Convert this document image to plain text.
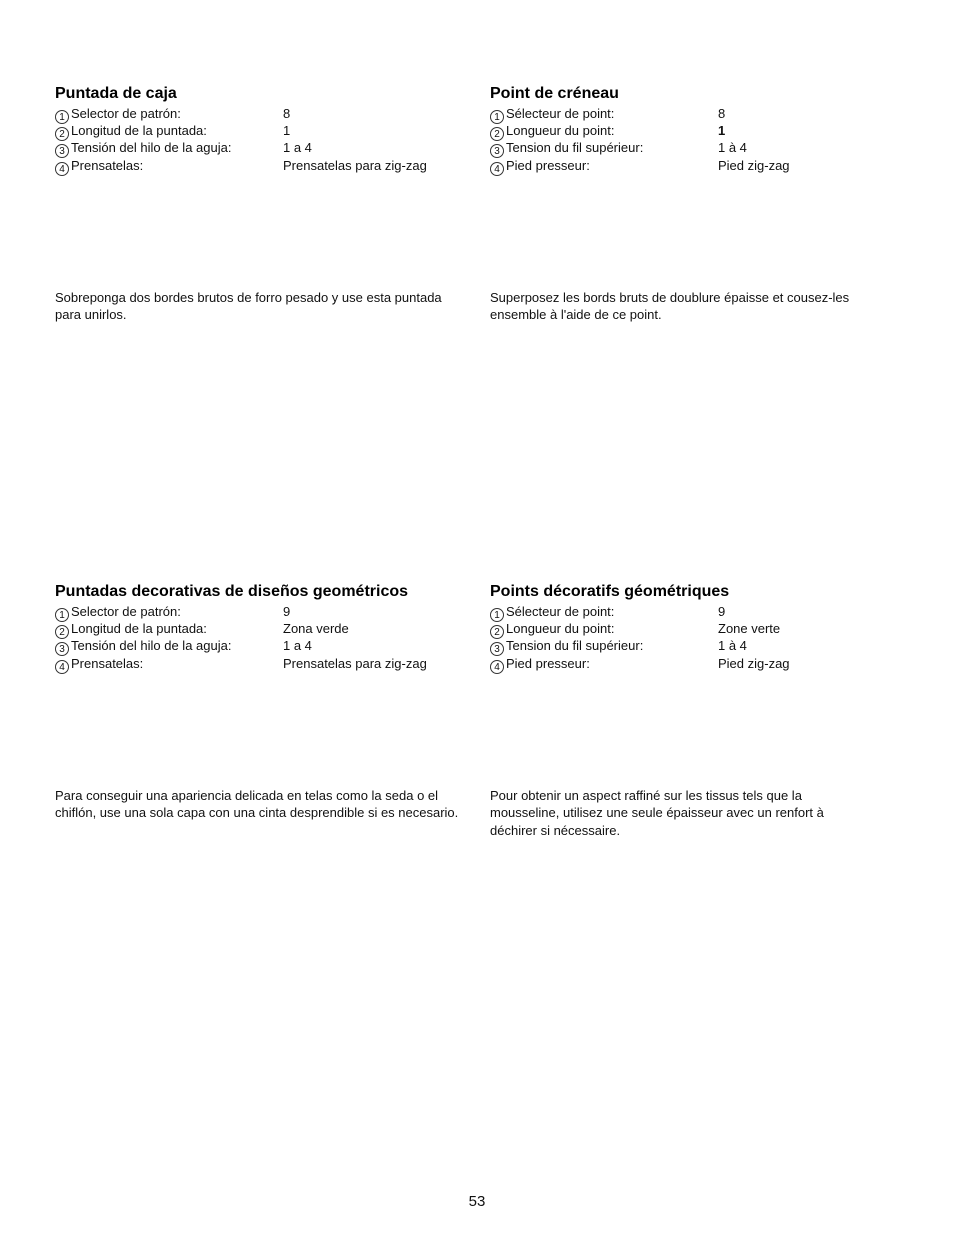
Puntada de caja
1 Selector de patrón:	8
2 Longitud de la puntada:	1
3 Tensión del hilo de la aguja:	1 a 4
4 Prensatelas:	Prensatelas para zig-zag
Point de créneau
1 Sélecteur de point:	8
2 Longueur du point:	1
3 Tension du fil supérieur:	1 à 4
4 Pied presseur:	Pied zig-zag
Sobreponga dos bordes brutos de forro pesado y use esta puntada para unirlos.
Superposez les bords bruts de doublure épaisse et cousez-les ensemble à l'aide de ce point.
Puntadas decorativas de diseños geométricos
1 Selector de patrón:	9
2 Longitud de la puntada:	Zona verde
3 Tensión del hilo de la aguja:	1 a 4
4 Prensatelas:	Prensatelas para zig-zag
Points décoratifs géométriques
1 Sélecteur de point:	9
2 Longueur du point:	Zone verte
3 Tension du fil supérieur:	1 à 4
4 Pied presseur:	Pied zig-zag
Para conseguir una apariencia delicada en telas como la seda o el chiflón, use una sola capa con una cinta desprendible si es necesario.
Pour obtenir un aspect raffiné sur les tissus tels que la mousseline, utilisez une seule épaisseur avec un renfort à déchirer si nécessaire.
53
